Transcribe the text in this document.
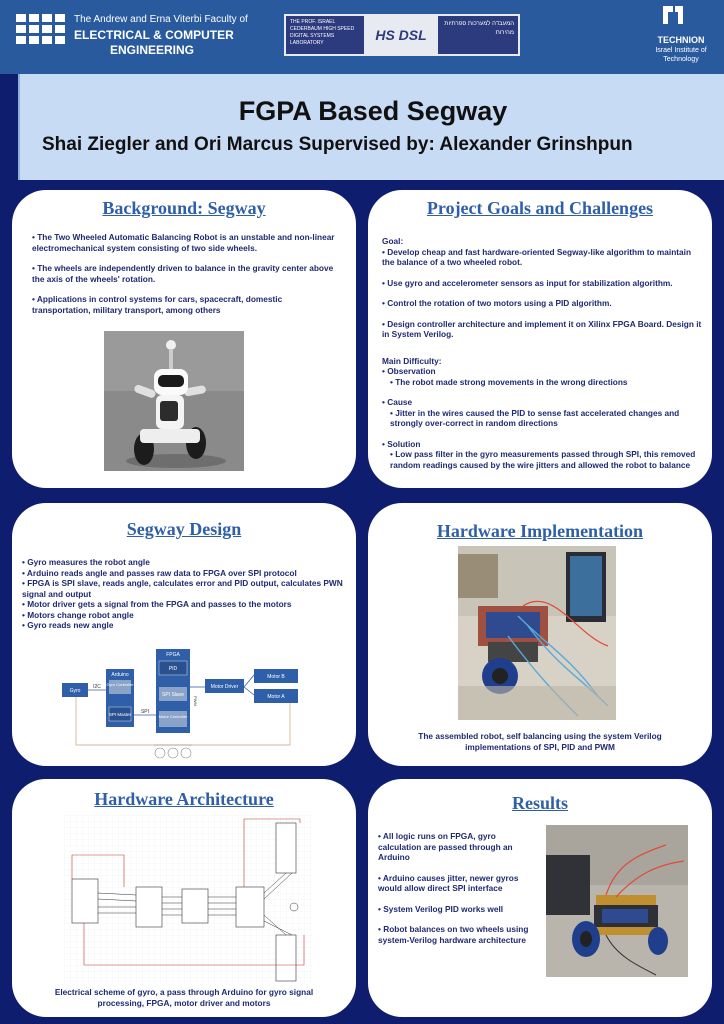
The Andrew and Erna Viterbi Faculty of
ELECTRICAL & COMPUTER
ENGINEERING
THE PROF. ISRAEL CEDERBAUM HIGH SPEED DIGITAL SYSTEMS LABORATORY	HS DSL
המעבדה למערכות ספרתיות מהירות
TECHNION
Israel Institute of Technology
FGPA Based Segway
Shai Ziegler and Ori Marcus Supervised by: Alexander Grinshpun
Background: Segway

• The Two Wheeled Automatic Balancing Robot is an unstable and non-linear electromechanical system consisting of two side wheels.

• The wheels are independently driven to balance in the gravity center above the axis of the wheels' rotation.

• Applications in control systems for cars, spacecraft, domestic transportation, military transport, among others

Project Goals and Challenges
Goal:

• Develop cheap and fast hardware-oriented Segway-like algorithm to maintain the balance of a two wheeled robot.

• Use gyro and accelerometer sensors as input for stabilization algorithm.

• Control the rotation of two motors using a PID algorithm.

• Design controller architecture and implement it on Xilinx FPGA Board. Design it in System Verilog.

Main Difficulty:
• Observation

• The robot made strong movements in the wrong directions

• Cause

• Jitter in the wires caused the PID to sense fast accelerated changes and strongly over-correct in random directions

• Solution

• Low pass filter in the gyro measurements passed through SPI, this removed random readings caused by the wire jitters and allowed the robot to balance

Segway Design
• Gyro measures the robot angle
• Arduino reads angle and passes raw data to FPGA over SPI protocol
• FPGA is SPI slave, reads angle, calculates error and PID output, calculates PWN signal and output
• Motor driver gets a signal from the FPGA and passes to the motors
• Motors change robot angle
• Gyro reads new angle
Gyro
I2C
Arduino
Gyro Controller
SPI Master SPI
FPGA
PID
SPI Slave
Motor Controller
PWM
Motor Driver
Motor B
Motor A
Hardware Implementation
The assembled robot, self balancing using the system Verilog implementations of SPI, PID and PWM
Hardware Architecture
Electrical scheme of gyro, a pass through Arduino for gyro signal processing, FPGA, motor driver and motors
Results

• All logic runs on FPGA, gyro calculation are passed through an Arduino

• Arduino causes jitter, newer gyros would allow direct SPI interface

• System Verilog PID works well

• Robot balances on two wheels using system-Verilog hardware architecture
